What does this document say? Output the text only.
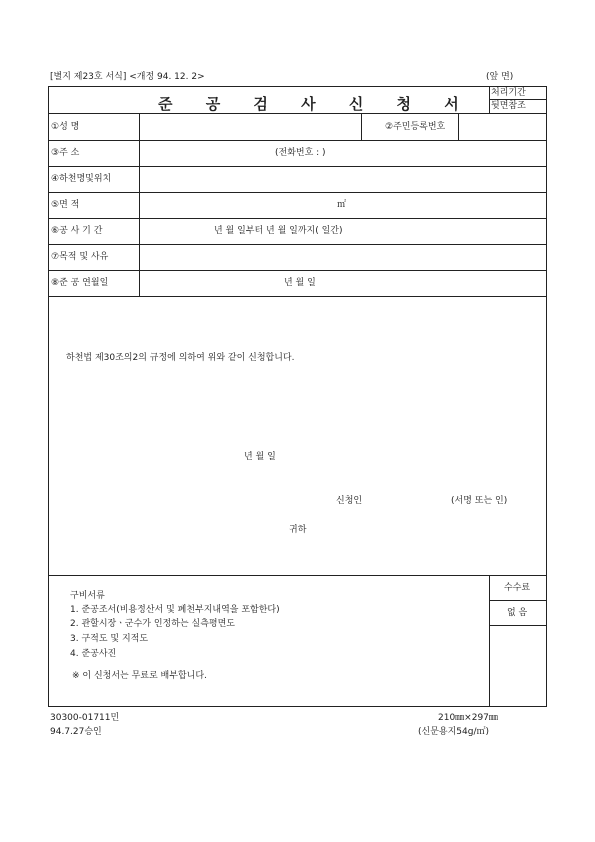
[별지 제23호 서식] <개정 94. 12. 2>	(앞 면)
준 공 검 사 신 청 서
처리기간
뒷면참조
①성 명	②주민등록번호
③주 소	(전화번호 : )
④하천명및위치
⑤면 적	㎡
⑥공 사 기 간	년 월 일부터 년 월 일까지( 일간)
⑦목적 및 사유
⑧준 공 연월일	년 월 일
하천법 제30조의2의 규정에 의하여 위와 같이 신청합니다.
년 월 일
신청인	(서명 또는 인)
귀하
수수료
없 음
구비서류
1. 준공조서(비용정산서 및 폐천부지내역을 포함한다)
2. 관할시장ㆍ군수가 인정하는 실측평면도
3. 구적도 및 지적도
4. 준공사진
※ 이 신청서는 무료로 배부합니다.
30300-01711민
94.7.27승인
210㎜×297㎜
(신문용지54g/㎡)
